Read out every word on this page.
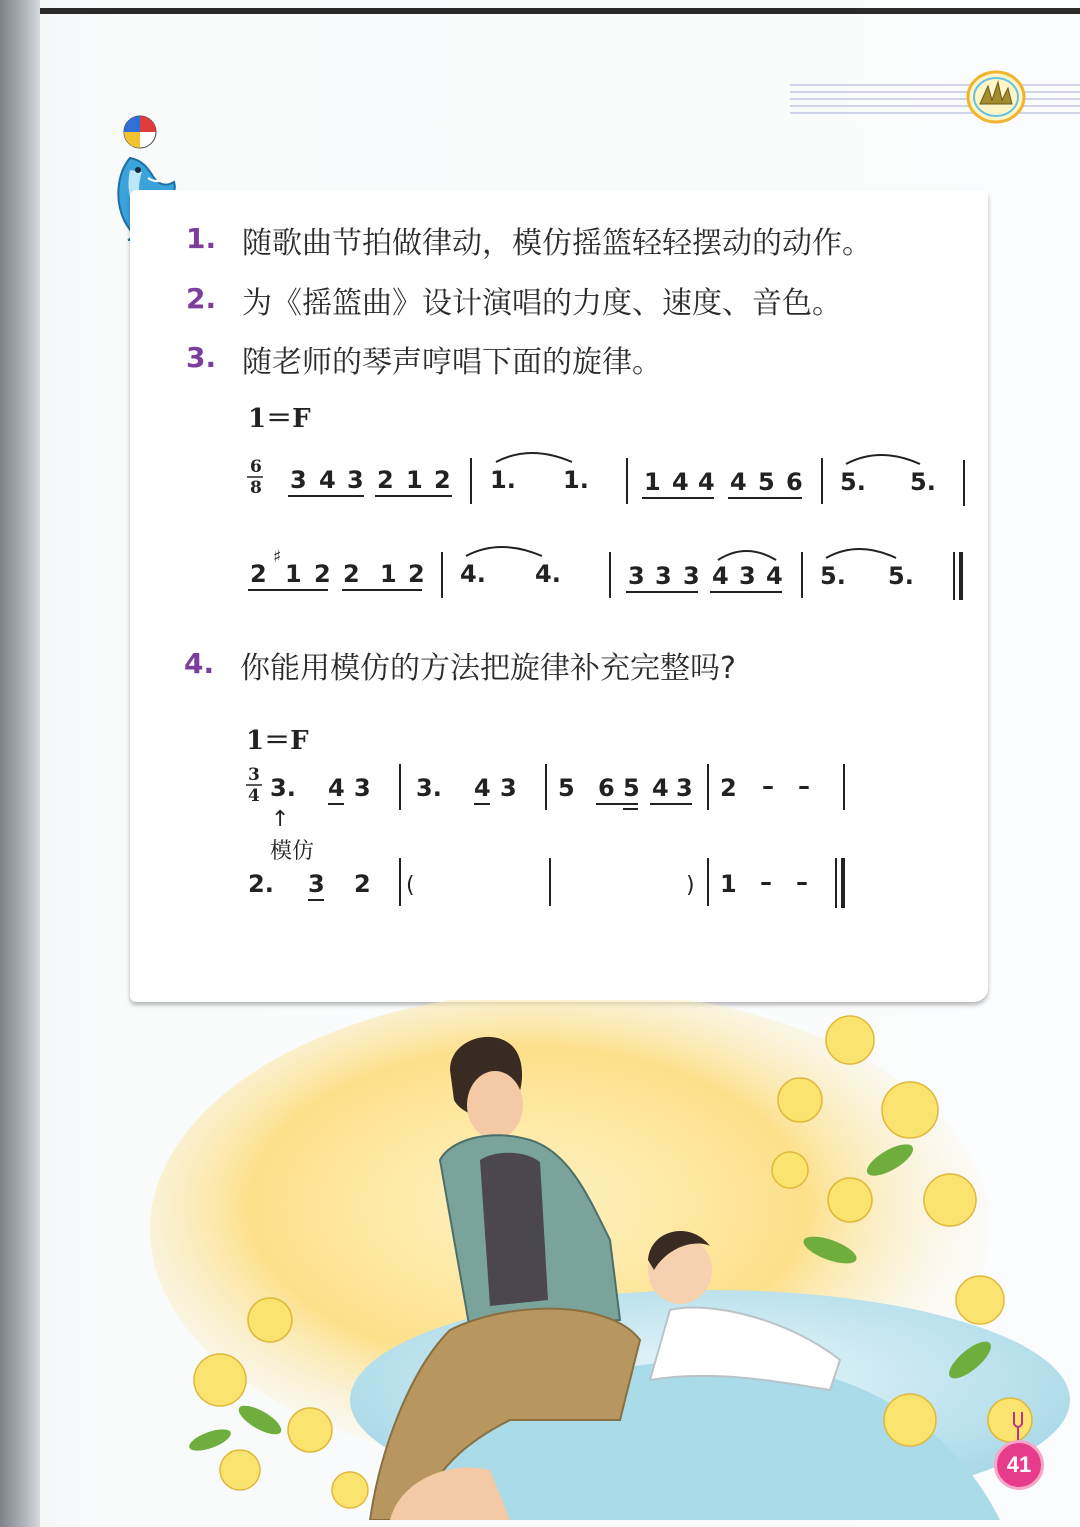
1. 随歌曲节拍做律动，模仿摇篮轻轻摆动的动作。
2. 为《摇篮曲》设计演唱的力度、速度、音色。
3. 随老师的琴声哼唱下面的旋律。
1＝F
6
8 3 4 3 2 1 2 1. 1. 1 4 4 4 5 6 5. 5.
2
♯
1 2 2 1 2 4. 4.	3 3 3 4 3 4 5. 5.
4. 你能用模仿的方法把旋律补充完整吗?
1＝F
3
4 3. 4 3 3. 4 3 5 6 5 4 3 2 – –
↑
模仿
2. 3 2 (	) 1 – –
41
